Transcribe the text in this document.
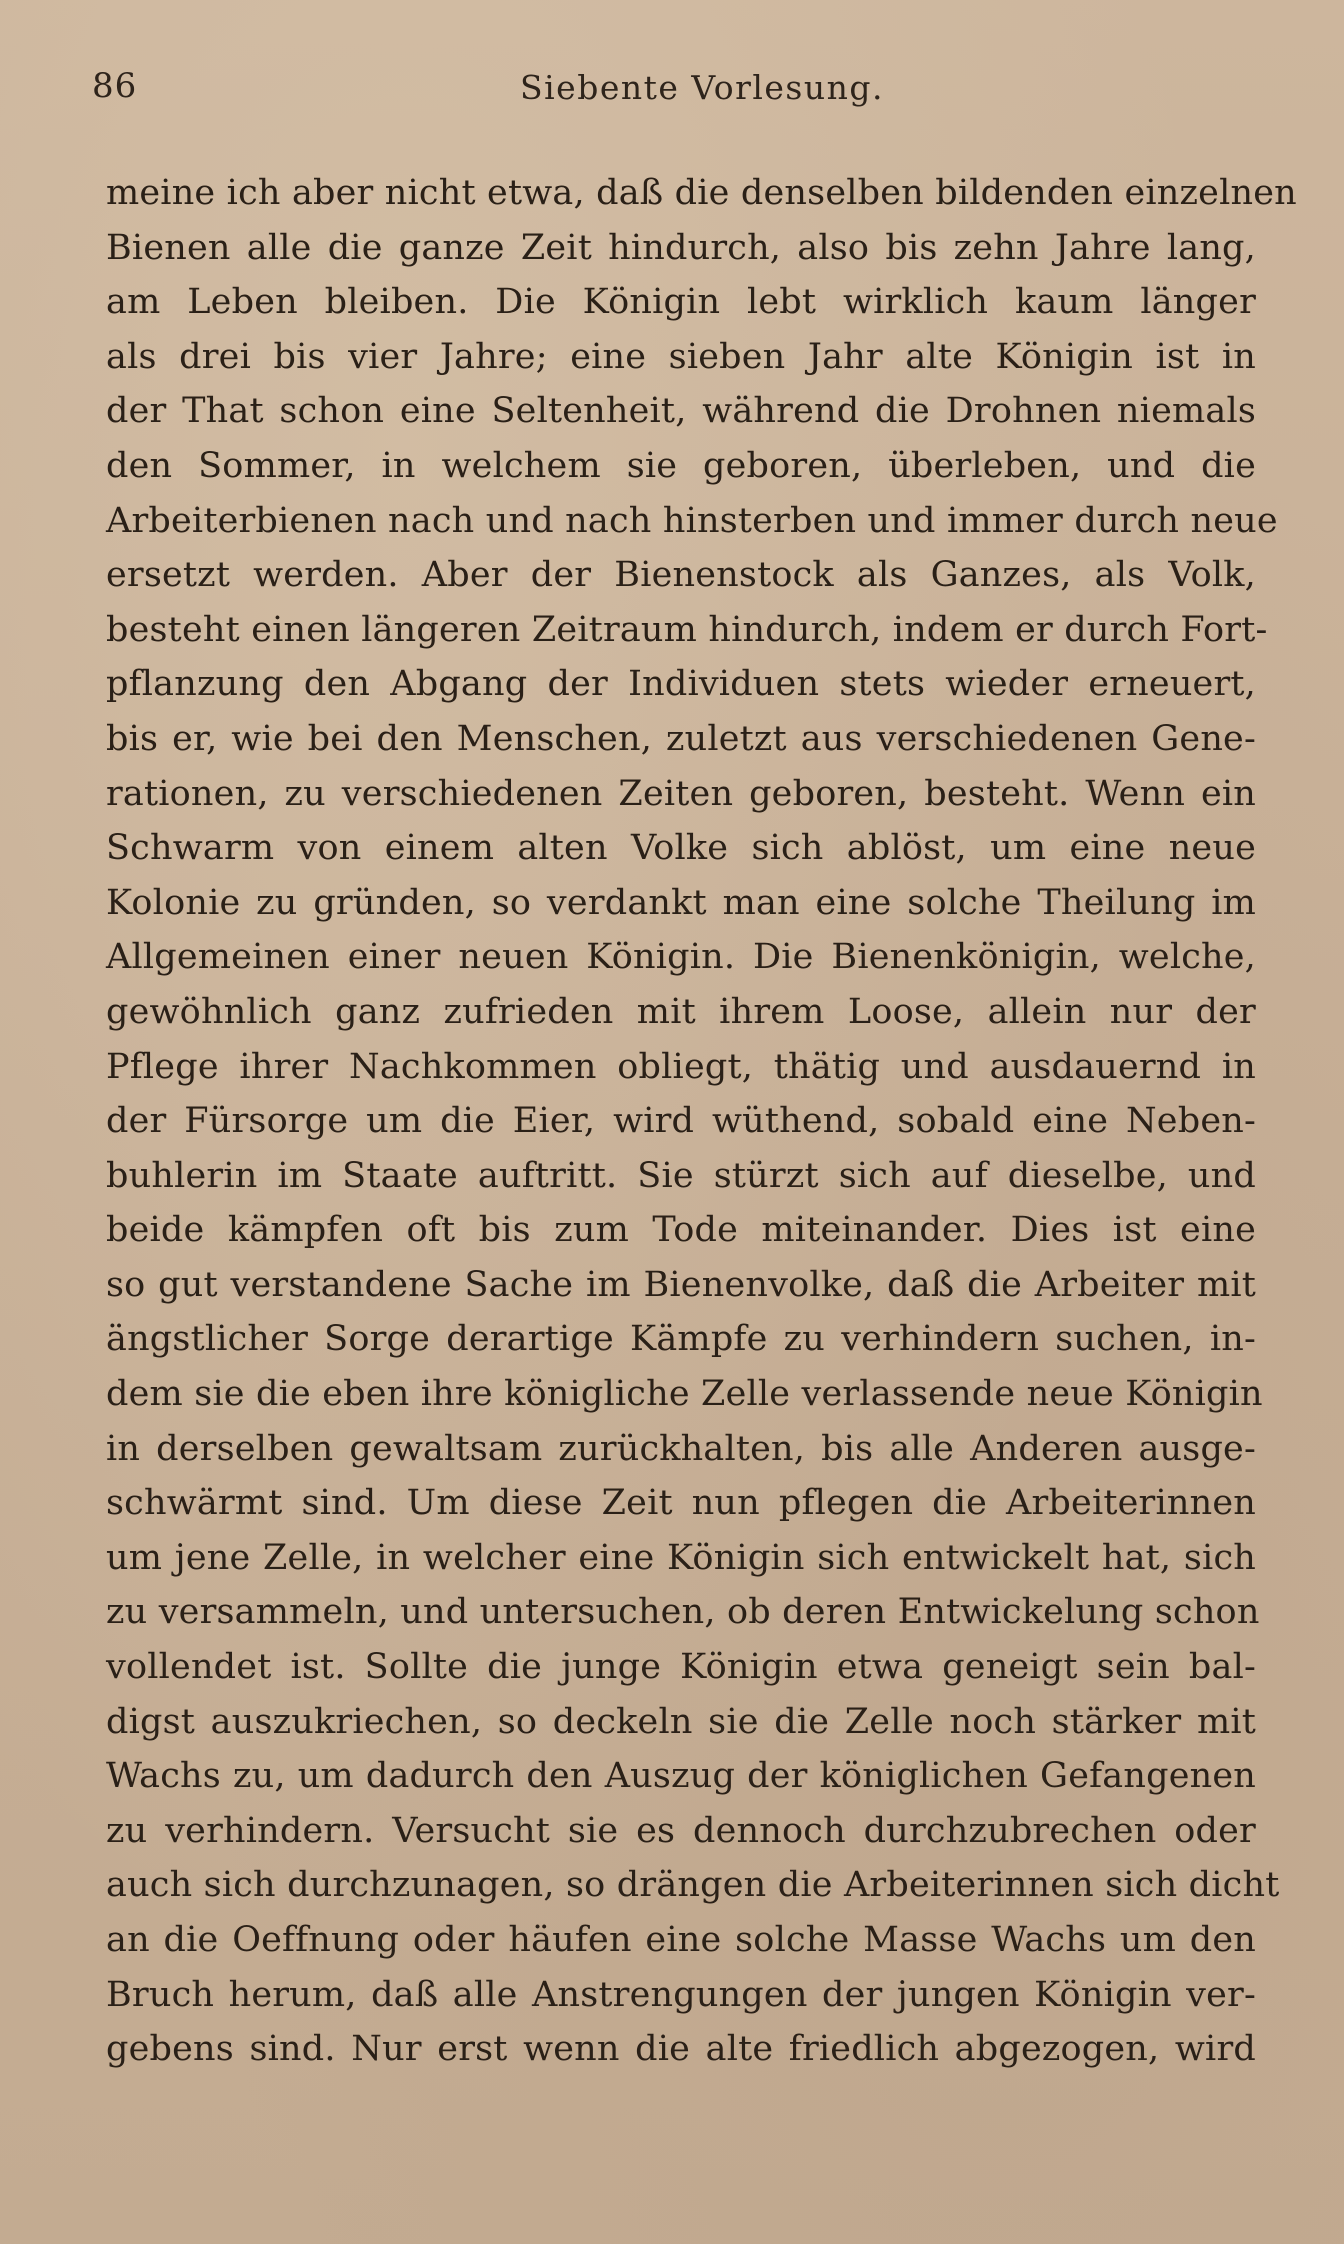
86	Siebente Vorlesung.
meine ich aber nicht etwa, daß die denselben bildenden einzelnen
Bienen alle die ganze Zeit hindurch, also bis zehn Jahre lang,
am Leben bleiben. Die Königin lebt wirklich kaum länger
als drei bis vier Jahre; eine sieben Jahr alte Königin ist in
der That schon eine Seltenheit, während die Drohnen niemals
den Sommer, in welchem sie geboren, überleben, und die
Arbeiterbienen nach und nach hinsterben und immer durch neue
ersetzt werden. Aber der Bienenstock als Ganzes, als Volk,
besteht einen längeren Zeitraum hindurch, indem er durch Fort-
pflanzung den Abgang der Individuen stets wieder erneuert,
bis er, wie bei den Menschen, zuletzt aus verschiedenen Gene-
rationen, zu verschiedenen Zeiten geboren, besteht. Wenn ein
Schwarm von einem alten Volke sich ablöst, um eine neue
Kolonie zu gründen, so verdankt man eine solche Theilung im
Allgemeinen einer neuen Königin. Die Bienenkönigin, welche,
gewöhnlich ganz zufrieden mit ihrem Loose, allein nur der
Pflege ihrer Nachkommen obliegt, thätig und ausdauernd in
der Fürsorge um die Eier, wird wüthend, sobald eine Neben-
buhlerin im Staate auftritt. Sie stürzt sich auf dieselbe, und
beide kämpfen oft bis zum Tode miteinander. Dies ist eine
so gut verstandene Sache im Bienenvolke, daß die Arbeiter mit
ängstlicher Sorge derartige Kämpfe zu verhindern suchen, in-
dem sie die eben ihre königliche Zelle verlassende neue Königin
in derselben gewaltsam zurückhalten, bis alle Anderen ausge-
schwärmt sind. Um diese Zeit nun pflegen die Arbeiterinnen
um jene Zelle, in welcher eine Königin sich entwickelt hat, sich
zu versammeln, und untersuchen, ob deren Entwickelung schon
vollendet ist. Sollte die junge Königin etwa geneigt sein bal-
digst auszukriechen, so deckeln sie die Zelle noch stärker mit
Wachs zu, um dadurch den Auszug der königlichen Gefangenen
zu verhindern. Versucht sie es dennoch durchzubrechen oder
auch sich durchzunagen, so drängen die Arbeiterinnen sich dicht
an die Oeffnung oder häufen eine solche Masse Wachs um den
Bruch herum, daß alle Anstrengungen der jungen Königin ver-
gebens sind. Nur erst wenn die alte friedlich abgezogen, wird
